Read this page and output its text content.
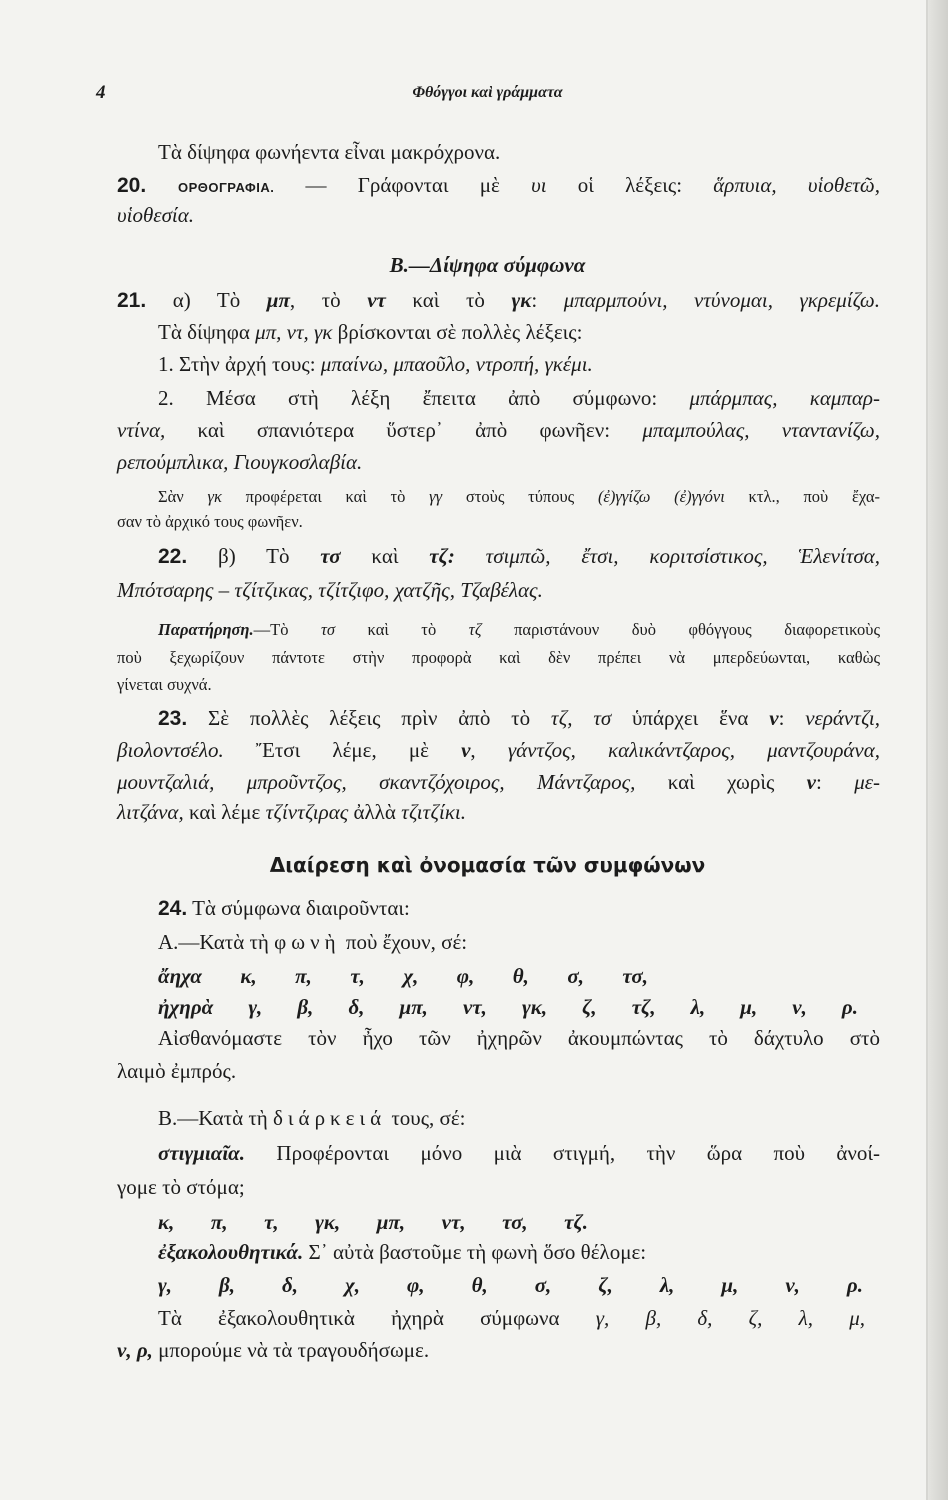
4	Φθόγγοι καὶ γράμματα
Τὰ δίψηφα φωνήεντα εἶναι μακρόχρονα.
20. ΟΡΘΟΓΡΑΦΙΑ. — Γράφονται μὲ υι οἱ λέξεις: ἅρπυια, υἱοθετῶ,
υἱοθεσία.
Β.—Δίψηφα σύμφωνα
21. α) Τὸ μπ, τὸ ντ καὶ τὸ γκ: μπαρμπούνι, ντύνομαι, γκρεμίζω.
Τὰ δίψηφα μπ, ντ, γκ βρίσκονται σὲ πολλὲς λέξεις:
1. Στὴν ἀρχή τους: μπαίνω, μπαοῦλο, ντροπή, γκέμι.
2. Μέσα στὴ λέξη ἔπειτα ἀπὸ σύμφωνο: μπάρμπας, καμπαρ-
ντίνα, καὶ σπανιότερα ὕστερ᾽ ἀπὸ φωνῆεν: μπαμπούλας, νταντανίζω,
ρεπούμπλικα, Γιουγκοσλαβία.
Σὰν γκ προφέρεται καὶ τὸ γγ στοὺς τύπους (ἐ)γγίζω (ἐ)γγόνι κτλ., ποὺ ἔχα-
σαν τὸ ἀρχικό τους φωνῆεν.
22. β) Τὸ τσ καὶ τζ: τσιμπῶ, ἔτσι, κοριτσίστικος, Ἑλενίτσα,
Μπότσαρης – τζίτζικας, τζίτζιφο, χατζῆς, Τζαβέλας.
Παρατήρηση.—Τὸ τσ καὶ τὸ τζ παριστάνουν δυὸ φθόγγους διαφορετικοὺς
ποὺ ξεχωρίζουν πάντοτε στὴν προφορὰ καὶ δὲν πρέπει νὰ μπερδεύωνται, καθὼς
γίνεται συχνά.
23. Σὲ πολλὲς λέξεις πρὶν ἀπὸ τὸ τζ, τσ ὑπάρχει ἕνα ν: νεράντζι,
βιολοντσέλο. Ἔτσι λέμε, μὲ ν, γάντζος, καλικάντζαρος, μαντζουράνα,
μουντζαλιά, μπροῦντζος, σκαντζόχοιρος, Μάντζαρος, καὶ χωρὶς ν: με-
λιτζάνα, καὶ λέμε τζίντζιρας ἀλλὰ τζιτζίκι.
Διαίρεση καὶ ὀνομασία τῶν συμφώνων
24. Τὰ σύμφωνα διαιροῦνται:
Α.—Κατὰ τὴ φωνὴ ποὺ ἔχουν, σέ:
ἄηχα κ, π, τ, χ, φ, θ, σ, τσ,
ἠχηρὰ γ, β, δ, μπ, ντ, γκ, ζ, τζ, λ, μ, ν, ρ.
Αἰσθανόμαστε τὸν ἦχο τῶν ἠχηρῶν ἀκουμπώντας τὸ δάχτυλο στὸ
λαιμὸ ἐμπρός.
Β.—Κατὰ τὴ διάρκειά τους, σέ:
στιγμιαῖα. Προφέρονται μόνο μιὰ στιγμή, τὴν ὥρα ποὺ ἀνοί-
γομε τὸ στόμα;
κ, π, τ, γκ, μπ, ντ, τσ, τζ.
ἐξακολουθητικά. Σ᾽ αὐτὰ βαστοῦμε τὴ φωνὴ ὅσο θέλομε:
γ, β, δ, χ, φ, θ, σ, ζ, λ, μ, ν, ρ.
Τὰ ἐξακολουθητικὰ ἠχηρὰ σύμφωνα γ, β, δ, ζ, λ, μ,
ν, ρ, μπορούμε νὰ τὰ τραγουδήσωμε.
